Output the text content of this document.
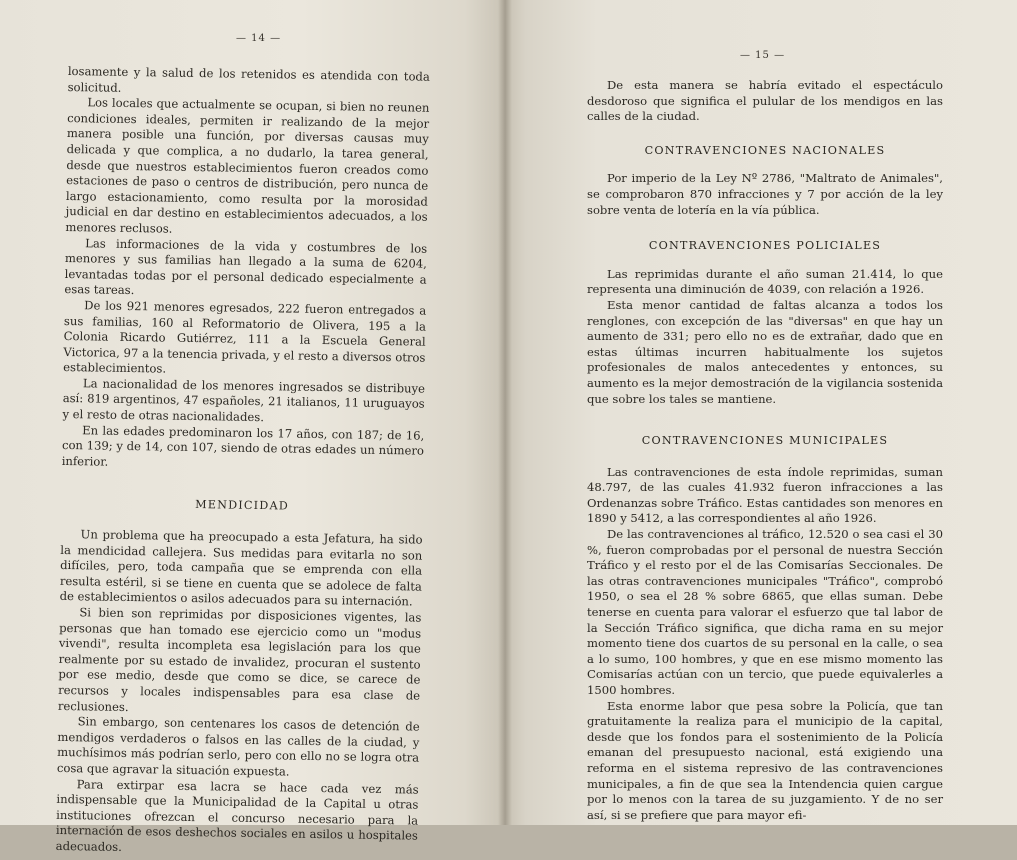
— 14 —

losamente y la salud de los retenidos es atendida con toda solicitud.

Los locales que actualmente se ocupan, si bien no reunen condiciones ideales, permiten ir realizando de la mejor manera posible una función, por diversas causas muy delicada y que complica, a no dudarlo, la tarea general, desde que nuestros establecimientos fueron creados como estaciones de paso o centros de distribución, pero nunca de largo estacionamiento, como resulta por la morosidad judicial en dar destino en establecimientos adecuados, a los menores reclusos.

Las informaciones de la vida y costumbres de los menores y sus familias han llegado a la suma de 6204, levantadas todas por el personal dedicado especialmente a esas tareas.

De los 921 menores egresados, 222 fueron entregados a sus familias, 160 al Reformatorio de Olivera, 195 a la Colonia Ricardo Gutiérrez, 111 a la Escuela General Victorica, 97 a la tenencia privada, y el resto a diversos otros establecimientos.

La nacionalidad de los menores ingresados se distribuye así: 819 argentinos, 47 españoles, 21 italianos, 11 uruguayos y el resto de otras nacionalidades.

En las edades predominaron los 17 años, con 187; de 16, con 139; y de 14, con 107, siendo de otras edades un número inferior.

MENDICIDAD

Un problema que ha preocupado a esta Jefatura, ha sido la mendicidad callejera. Sus medidas para evitarla no son difíciles, pero, toda campaña que se emprenda con ella resulta estéril, si se tiene en cuenta que se adolece de falta de establecimientos o asilos adecuados para su internación.

Si bien son reprimidas por disposiciones vigentes, las personas que han tomado ese ejercicio como un "modus vivendi", resulta incompleta esa legislación para los que realmente por su estado de invalidez, procuran el sustento por ese medio, desde que como se dice, se carece de recursos y locales indispensables para esa clase de reclusiones.

Sin embargo, son centenares los casos de detención de mendigos verdaderos o falsos en las calles de la ciudad, y muchísimos más podrían serlo, pero con ello no se logra otra cosa que agravar la situación expuesta.

Para extirpar esa lacra se hace cada vez más indispensable que la Municipalidad de la Capital u otras instituciones ofrezcan el concurso necesario para la internación de esos deshechos sociales en asilos u hospitales adecuados.

— 15 —

De esta manera se habría evitado el espectáculo desdoroso que significa el pulular de los mendigos en las calles de la ciudad.

CONTRAVENCIONES NACIONALES

Por imperio de la Ley Nº 2786, "Maltrato de Animales", se comprobaron 870 infracciones y 7 por acción de la ley sobre venta de lotería en la vía pública.

CONTRAVENCIONES POLICIALES

Las reprimidas durante el año suman 21.414, lo que representa una diminución de 4039, con relación a 1926.

Esta menor cantidad de faltas alcanza a todos los renglones, con excepción de las "diversas" en que hay un aumento de 331; pero ello no es de extrañar, dado que en estas últimas incurren habitualmente los sujetos profesionales de malos antecedentes y entonces, su aumento es la mejor demostración de la vigilancia sostenida que sobre los tales se mantiene.

CONTRAVENCIONES MUNICIPALES

Las contravenciones de esta índole reprimidas, suman 48.797, de las cuales 41.932 fueron infracciones a las Ordenanzas sobre Tráfico. Estas cantidades son menores en 1890 y 5412, a las correspondientes al año 1926.

De las contravenciones al tráfico, 12.520 o sea casi el 30 %, fueron comprobadas por el personal de nuestra Sección Tráfico y el resto por el de las Comisarías Seccionales. De las otras contravenciones municipales "Tráfico", comprobó 1950, o sea el 28 % sobre 6865, que ellas suman. Debe tenerse en cuenta para valorar el esfuerzo que tal labor de la Sección Tráfico significa, que dicha rama en su mejor momento tiene dos cuartos de su personal en la calle, o sea a lo sumo, 100 hombres, y que en ese mismo momento las Comisarías actúan con un tercio, que puede equivalerles a 1500 hombres.

Esta enorme labor que pesa sobre la Policía, que tan gratuitamente la realiza para el municipio de la capital, desde que los fondos para el sostenimiento de la Policía emanan del presupuesto nacional, está exigiendo una reforma en el sistema represivo de las contravenciones municipales, a fin de que sea la Intendencia quien cargue por lo menos con la tarea de su juzgamiento. Y de no ser así, si se prefiere que para mayor efi-
